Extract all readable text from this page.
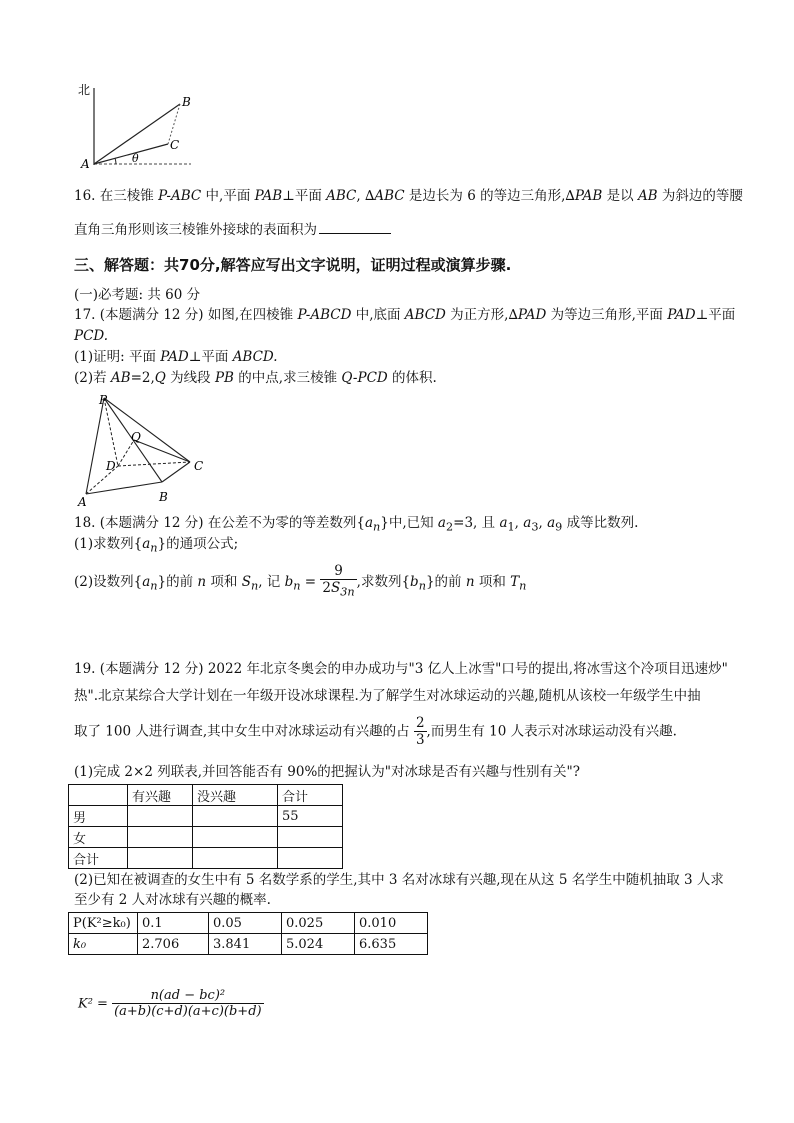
北
A
B
C
θ
16. 在三棱锥 P-ABC 中,平面 PAB⊥平面 ABC, ∆ABC 是边长为 6 的等边三角形,∆PAB 是以 AB 为斜边的等腰
直角三角形则该三棱锥外接球的表面积为
三、解答题：共70分,解答应写出文字说明，证明过程或演算步骤.
(一)必考题: 共 60 分
17. (本题满分 12 分) 如图,在四棱锥 P-ABCD 中,底面 ABCD 为正方形,∆PAD 为等边三角形,平面 PAD⊥平面
PCD.
(1)证明: 平面 PAD⊥平面 ABCD.
(2)若 AB=2,Q 为线段 PB 的中点,求三棱锥 Q-PCD 的体积.
P
Q
D	C
A	B
18. (本题满分 12 分) 在公差不为零的等差数列$\{a_n\}$中,已知 $a_2=3$, 且 $a_1$, $a_3$, $a_9$ 成等比数列.
(1)求数列$\{a_n\}$的通项公式;
(2)设数列$\{a_n\}$的前 n 项和 $S_n$, 记 $b_n = \frac{9}{2S_{3n}}$ ,求数列$\{b_n\}$的前 n 项和 $T_n$
19. (本题满分 12 分) 2022 年北京冬奥会的申办成功与"3 亿人上冰雪"口号的提出,将冰雪这个冷项目迅速炒"
热".北京某综合大学计划在一年级开设冰球课程.为了解学生对冰球运动的兴趣,随机从该校一年级学生中抽
取了 100 人进行调查,其中女生中对冰球运动有兴趣的占 $\frac{2}{3}$ ,而男生有 10 人表示对冰球运动没有兴趣.
(1)完成 2×2 列联表,并回答能否有 90%的把握认为"对冰球是否有兴趣与性别有关"?
	有兴趣	没兴趣	合计
男			55
女			
合计			
(2)已知在被调查的女生中有 5 名数学系的学生,其中 3 名对冰球有兴趣,现在从这 5 名学生中随机抽取 3 人求
至少有 2 人对冰球有兴趣的概率.
P(K²≥k₀)	0.1	0.05	0.025	0.010
k₀	2.706	3.841	5.024	6.635
$K^2 = \frac{\text{n(ad − bc)²}}{(a+b)(c+d)(a+c)(b+d)}$
